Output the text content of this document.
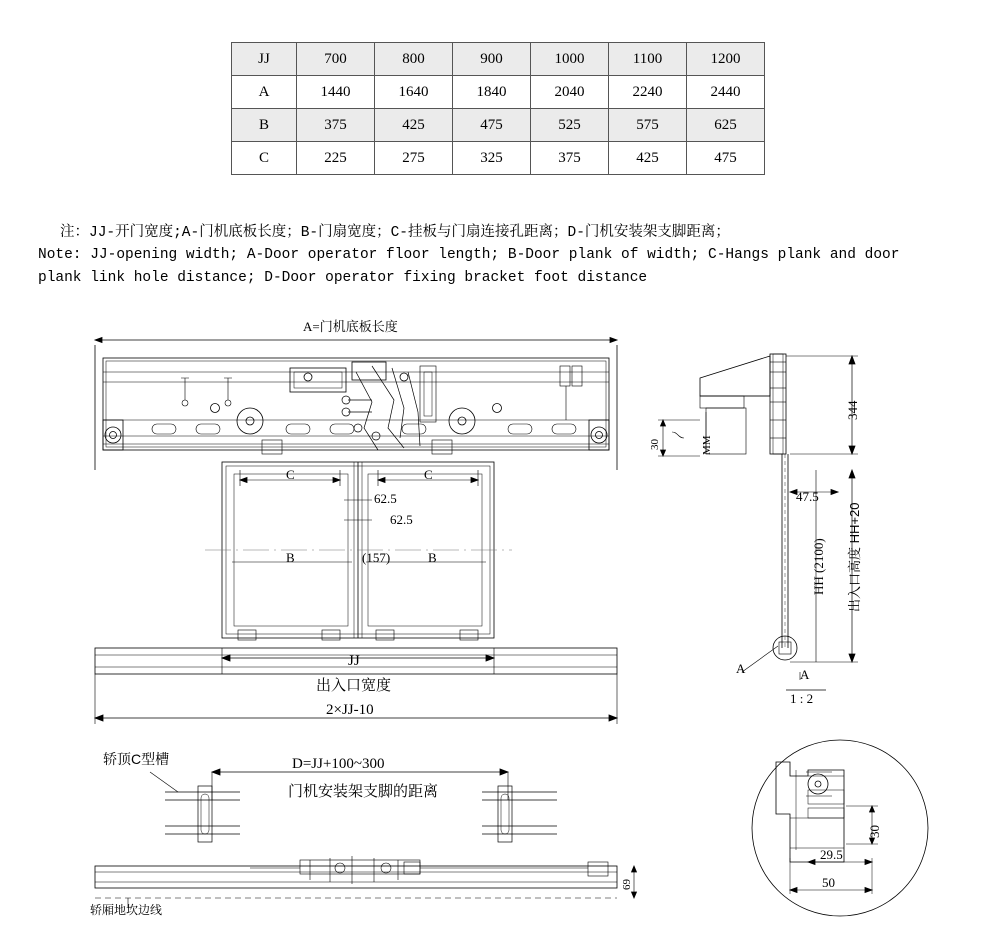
JJ	700	800	900	1000	1100	1200
A	1440	1640	1840	2040	2240	2440
B	375	425	475	525	575	625
C	225	275	325	375	425	475
注：JJ-开门宽度;A-门机底板长度；B-门扇宽度；C-挂板与门扇连接孔距离；D-门机安装架支脚距离；
Note: JJ-opening width; A-Door operator floor length; B-Door plank of width; C-Hangs plank and door
plank link hole distance; D-Door operator fixing bracket foot distance
A=门机底板长度
C	C
62.5
62.5
B	B
(157)
JJ
出入口宽度
2×JJ-10
30	MM
344
47.5
HH (2100) 出入口高度 HH+20
A	A
1 : 2
轿顶C型槽	D=JJ+100~300
门机安装架支脚的距离
轿厢地坎边线
69
30
29.5
50
